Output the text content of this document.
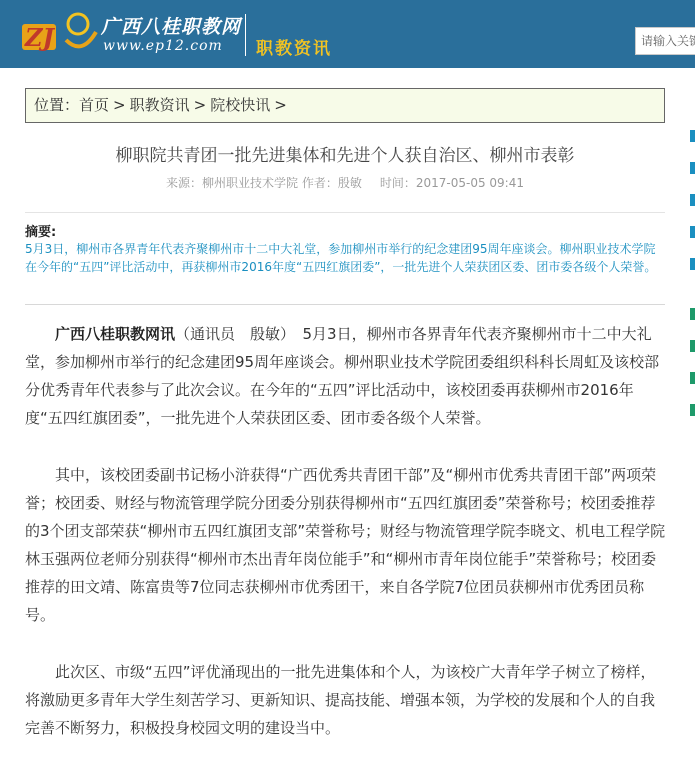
ZJ 广西八桂职教网
www.ep12.com 职教资讯
请输入关键字
位置：首页 > 职教资讯 > 院校快讯 >
柳职院共青团一批先进集体和先进个人获自治区、柳州市表彰
来源：柳州职业技术学院 作者：殷敏 时间：2017-05-05 09:41
摘要:
5月3日，柳州市各界青年代表齐聚柳州市十二中大礼堂，参加柳州市举行的纪念建团95周年座谈会。柳州职业技术学院在今年的“五四”评比活动中，再获柳州市2016年度“五四红旗团委”，一批先进个人荣获团区委、团市委各级个人荣誉。

广西八桂职教网讯（通讯员　殷敏）　5月3日，柳州市各界青年代表齐聚柳州市十二中大礼堂，参加柳州市举行的纪念建团95周年座谈会。柳州职业技术学院团委组织科科长周虹及该校部分优秀青年代表参与了此次会议。在今年的“五四”评比活动中，该校团委再获柳州市2016年度“五四红旗团委”，一批先进个人荣获团区委、团市委各级个人荣誉。

其中，该校团委副书记杨小浒获得“广西优秀共青团干部”及“柳州市优秀共青团干部”两项荣誉；校团委、财经与物流管理学院分团委分别获得柳州市“五四红旗团委”荣誉称号；校团委推荐的3个团支部荣获“柳州市五四红旗团支部”荣誉称号；财经与物流管理学院李晓文、机电工程学院林玉强两位老师分别获得“柳州市杰出青年岗位能手”和“柳州市青年岗位能手”荣誉称号；校团委推荐的田文靖、陈富贵等7位同志获柳州市优秀团干，来自各学院7位团员获柳州市优秀团员称号。

此次区、市级“五四”评优涌现出的一批先进集体和个人，为该校广大青年学子树立了榜样，将激励更多青年大学生刻苦学习、更新知识、提高技能、增强本领，为学校的发展和个人的自我完善不断努力，积极投身校园文明的建设当中。
